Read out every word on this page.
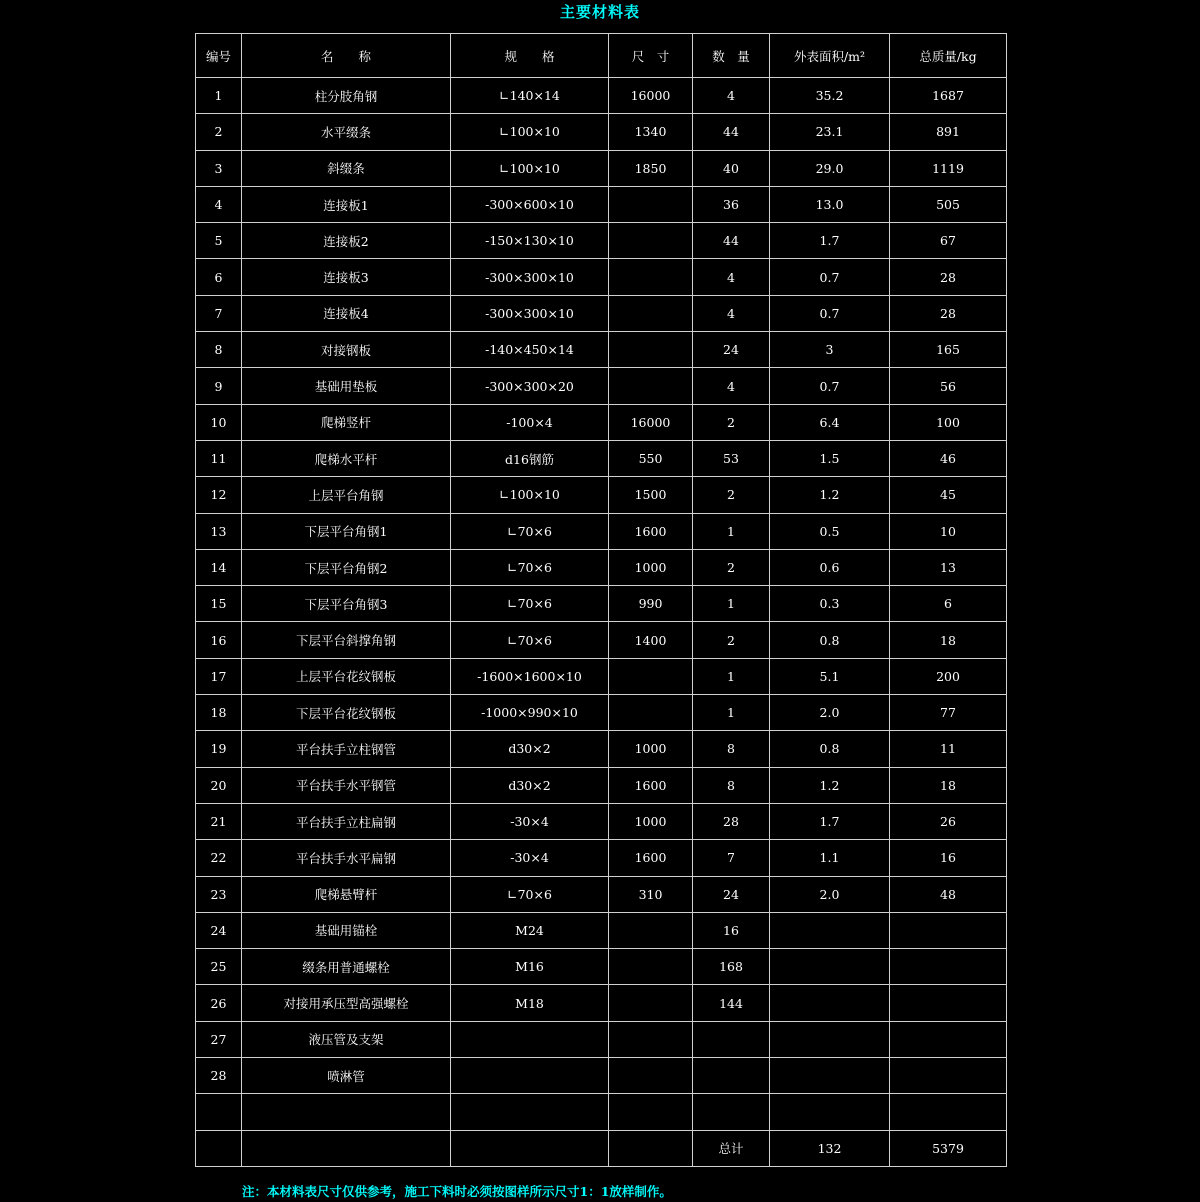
主要材料表
编号	名　　称	规　　格	尺　寸	数　量	外表面积/m²	总质量/kg
1	柱分肢角钢	∟140×14	16000	4	35.2	1687
2	水平缀条	∟100×10	1340	44	23.1	891
3	斜缀条	∟100×10	1850	40	29.0	1119
4	连接板1	-300×600×10		36	13.0	505
5	连接板2	-150×130×10		44	1.7	67
6	连接板3	-300×300×10		4	0.7	28
7	连接板4	-300×300×10		4	0.7	28
8	对接钢板	-140×450×14		24	3	165
9	基础用垫板	-300×300×20		4	0.7	56
10	爬梯竖杆	-100×4	16000	2	6.4	100
11	爬梯水平杆	d16钢筋	550	53	1.5	46
12	上层平台角钢	∟100×10	1500	2	1.2	45
13	下层平台角钢1	∟70×6	1600	1	0.5	10
14	下层平台角钢2	∟70×6	1000	2	0.6	13
15	下层平台角钢3	∟70×6	990	1	0.3	6
16	下层平台斜撑角钢	∟70×6	1400	2	0.8	18
17	上层平台花纹钢板	-1600×1600×10		1	5.1	200
18	下层平台花纹钢板	-1000×990×10		1	2.0	77
19	平台扶手立柱钢管	d30×2	1000	8	0.8	11
20	平台扶手水平钢管	d30×2	1600	8	1.2	18
21	平台扶手立柱扁钢	-30×4	1000	28	1.7	26
22	平台扶手水平扁钢	-30×4	1600	7	1.1	16
23	爬梯悬臂杆	∟70×6	310	24	2.0	48
24	基础用锚栓	M24		16		
25	缀条用普通螺栓	M16		168		
26	对接用承压型高强螺栓	M18		144		
27	液压管及支架					
28	喷淋管					

				总计	132	5379
注：本材料表尺寸仅供参考，施工下料时必须按图样所示尺寸1：1放样制作。
